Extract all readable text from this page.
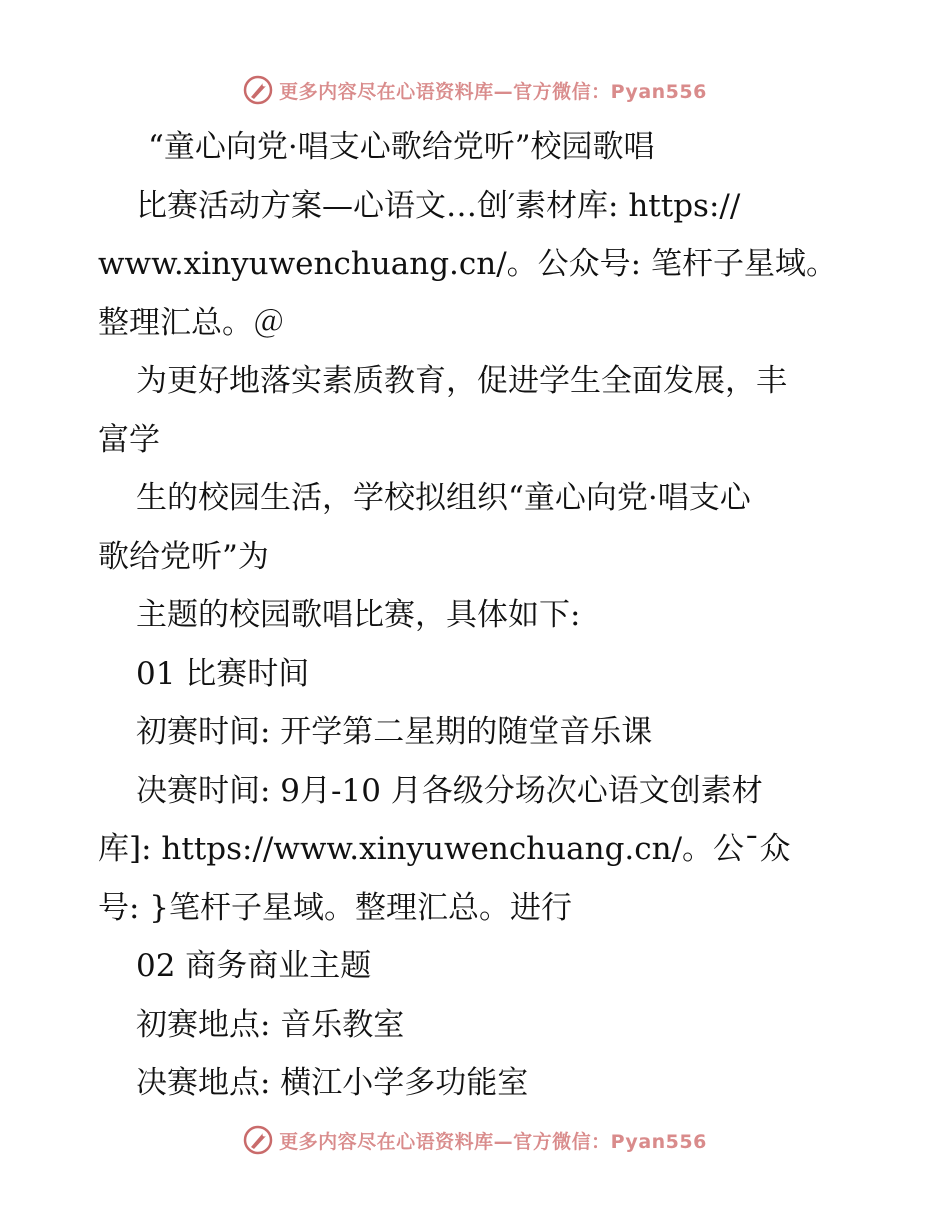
更多内容尽在心语资料库—官方微信：Pyan556
“童心向党·唱支心歌给党听”校园歌唱
比赛活动方案—心语文…创′素材库: https://
www.xinyuwenchuang.cn/。公众号: 笔杆子星域。
整理汇总。＠
为更好地落实素质教育，促进学生全面发展，丰
富学
生的校园生活，学校拟组织“童心向党·唱支心
歌给党听”为
主题的校园歌唱比赛，具体如下:
01 比赛时间
初赛时间: 开学第二星期的随堂音乐课
决赛时间: 9月-10 月各级分场次心语文创素材
库]: https://www.xinyuwenchuang.cn/。公¯众
号: }笔杆子星域。整理汇总。进行
02 商务商业主题
初赛地点: 音乐教室
决赛地点: 横江小学多功能室
更多内容尽在心语资料库—官方微信：Pyan556
